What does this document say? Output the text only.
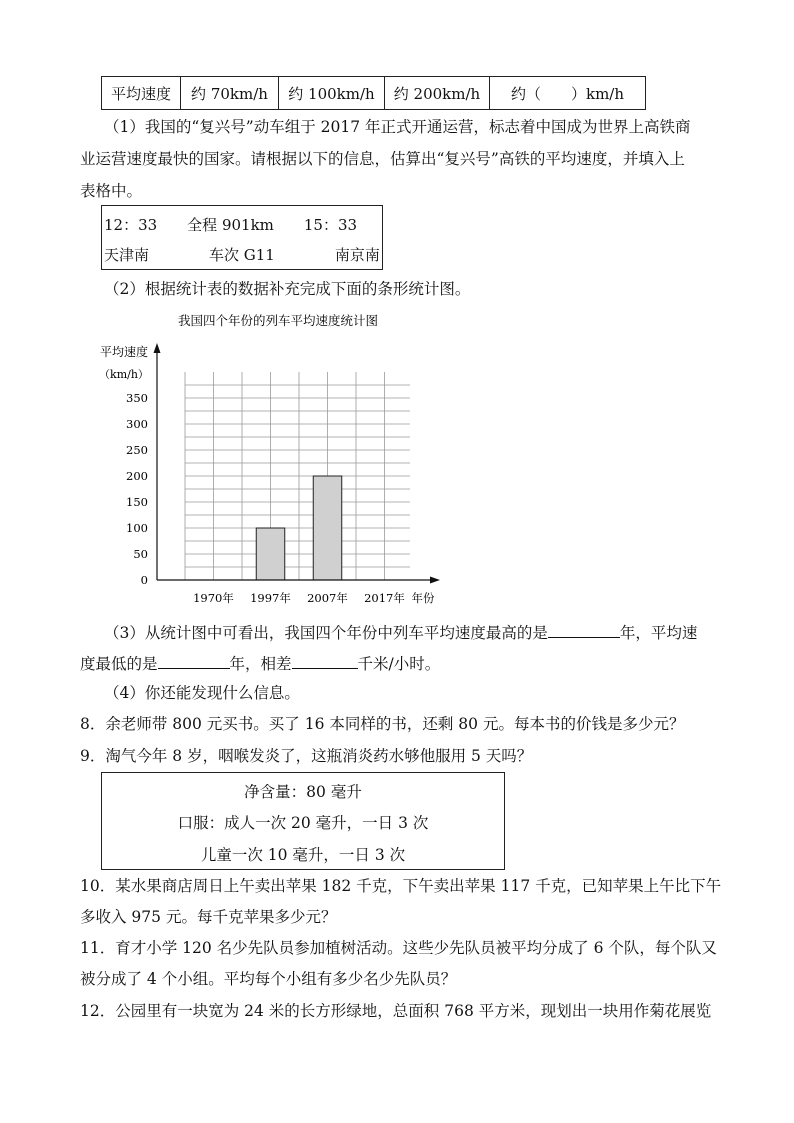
平均速度	约 70km/h	约 100km/h	约 200km/h	约（　　）km/h
（1）我国的“复兴号”动车组于 2017 年正式开通运营，标志着中国成为世界上高铁商
业运营速度最快的国家。请根据以下的信息，估算出“复兴号”高铁的平均速度，并填入上
表格中。
12：33　　全程 901km　　15：33
天津南　　　　车次 G11　　　　南京南
（2）根据统计表的数据补充完成下面的条形统计图。
我国四个年份的列车平均速度统计图
平均速度
（km/h）
0
50
100
150
200
250
300
350
1970年 1997年 2007年 2017年 年份
（3）从统计图中可看出，我国四个年份中列车平均速度最高的是	年，平均速
度最低的是	年，相差	千米/小时。
（4）你还能发现什么信息。
8．余老师带 800 元买书。买了 16 本同样的书，还剩 80 元。每本书的价钱是多少元？
9．淘气今年 8 岁，咽喉发炎了，这瓶消炎药水够他服用 5 天吗？
净含量：80 毫升
口服：成人一次 20 毫升，一日 3 次
儿童一次 10 毫升，一日 3 次
10．某水果商店周日上午卖出苹果 182 千克，下午卖出苹果 117 千克，已知苹果上午比下午
多收入 975 元。每千克苹果多少元？
11．育才小学 120 名少先队员参加植树活动。这些少先队员被平均分成了 6 个队，每个队又
被分成了 4 个小组。平均每个小组有多少名少先队员？
12．公园里有一块宽为 24 米的长方形绿地，总面积 768 平方米，现划出一块用作菊花展览
